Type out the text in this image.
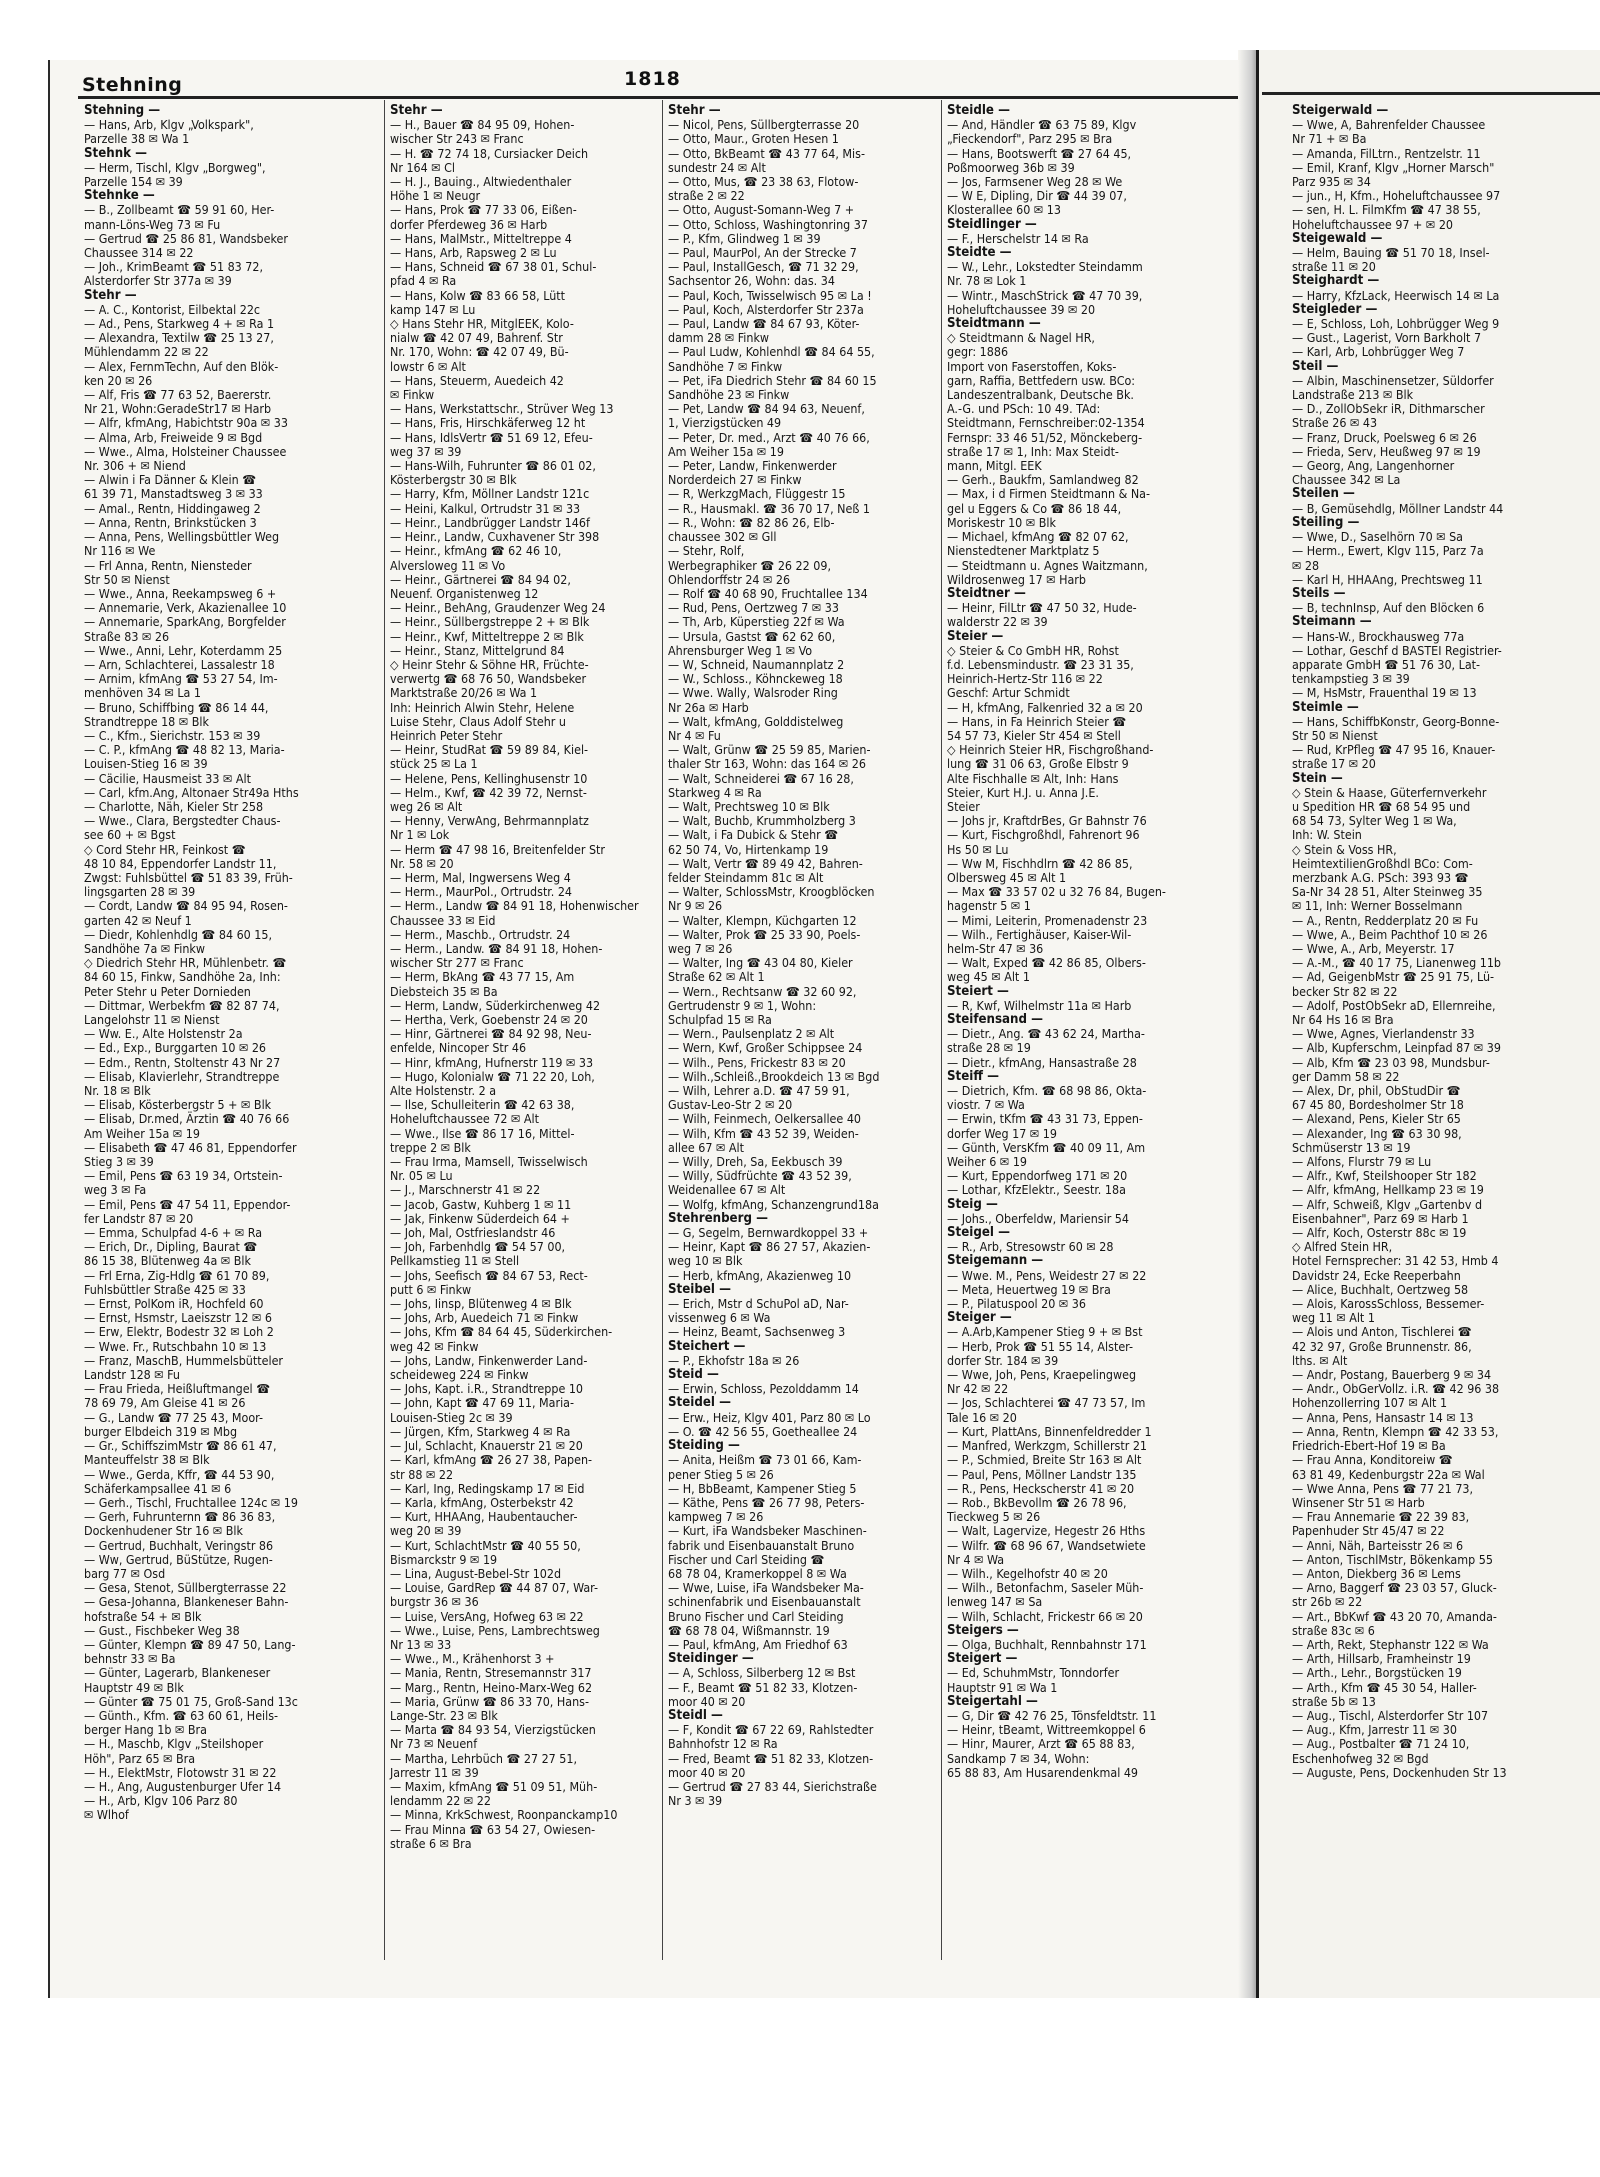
Stehning	1818

Stehning —

— Hans, Arb, Klgv „Volkspark",

Parzelle 38 ✉ Wa 1

Stehnk —

— Herm, Tischl, Klgv „Borgweg",

Parzelle 154 ✉ 39

Stehnke —

— B., Zollbeamt ☎ 59 91 60, Her-

mann-Löns-Weg 73 ✉ Fu

— Gertrud ☎ 25 86 81, Wandsbeker

Chaussee 314 ✉ 22

— Joh., KrimBeamt ☎ 51 83 72,

Alsterdorfer Str 377a ✉ 39

Stehr —

— A. C., Kontorist, Eilbektal 22c

— Ad., Pens, Starkweg 4 + ✉ Ra 1

— Alexandra, Textilw ☎ 25 13 27,

Mühlendamm 22 ✉ 22

— Alex, FernmTechn, Auf den Blök-

ken 20 ✉ 26

— Alf, Fris ☎ 77 63 52, Baererstr.

Nr 21, Wohn:GeradeStr17 ✉ Harb

— Alfr, kfmAng, Habichtstr 90a ✉ 33

— Alma, Arb, Freiweide 9 ✉ Bgd

— Wwe., Alma, Holsteiner Chaussee

Nr. 306 + ✉ Niend

— Alwin i Fa Dänner & Klein ☎

61 39 71, Manstadtsweg 3 ✉ 33

— Amal., Rentn, Hiddingaweg 2

— Anna, Rentn, Brinkstücken 3

— Anna, Pens, Wellingsbüttler Weg

Nr 116 ✉ We

— Frl Anna, Rentn, Niensteder

Str 50 ✉ Nienst

— Wwe., Anna, Reekampsweg 6 +

— Annemarie, Verk, Akazienallee 10

— Annemarie, SparkAng, Borgfelder

Straße 83 ✉ 26

— Wwe., Anni, Lehr, Koterdamm 25

— Arn, Schlachterei, Lassalestr 18

— Arnim, kfmAng ☎ 53 27 54, Im-

menhöven 34 ✉ La 1

— Bruno, Schiffbing ☎ 86 14 44,

Strandtreppe 18 ✉ Blk

— C., Kfm., Sierichstr. 153 ✉ 39

— C. P., kfmAng ☎ 48 82 13, Maria-

Louisen-Stieg 16 ✉ 39

— Cäcilie, Hausmeist 33 ✉ Alt

— Carl, kfm.Ang, Altonaer Str49a Hths

— Charlotte, Näh, Kieler Str 258

— Wwe., Clara, Bergstedter Chaus-

see 60 + ✉ Bgst

◇ Cord Stehr HR, Feinkost ☎

48 10 84, Eppendorfer Landstr 11,

Zwgst: Fuhlsbüttel ☎ 51 83 39, Früh-

lingsgarten 28 ✉ 39

— Cordt, Landw ☎ 84 95 94, Rosen-

garten 42 ✉ Neuf 1

— Diedr, Kohlenhdlg ☎ 84 60 15,

Sandhöhe 7a ✉ Finkw

◇ Diedrich Stehr HR, Mühlenbetr. ☎

84 60 15, Finkw, Sandhöhe 2a, Inh:

Peter Stehr u Peter Dornieden

— Dittmar, Werbekfm ☎ 82 87 74,

Langelohstr 11 ✉ Nienst

— Ww. E., Alte Holstenstr 2a

— Ed., Exp., Burggarten 10 ✉ 26

— Edm., Rentn, Stoltenstr 43 Nr 27

— Elisab, Klavierlehr, Strandtreppe

Nr. 18 ✉ Blk

— Elisab, Kösterbergstr 5 + ✉ Blk

— Elisab, Dr.med, Ärztin ☎ 40 76 66

Am Weiher 15a ✉ 19

— Elisabeth ☎ 47 46 81, Eppendorfer

Stieg 3 ✉ 39

— Emil, Pens ☎ 63 19 34, Ortstein-

weg 3 ✉ Fa

— Emil, Pens ☎ 47 54 11, Eppendor-

fer Landstr 87 ✉ 20

— Emma, Schulpfad 4-6 + ✉ Ra

— Erich, Dr., Dipling, Baurat ☎

86 15 38, Blütenweg 4a ✉ Blk

— Frl Erna, Zig-Hdlg ☎ 61 70 89,

Fuhlsbüttler Straße 425 ✉ 33

— Ernst, PolKom iR, Hochfeld 60

— Ernst, Hsmstr, Laeiszstr 12 ✉ 6

— Erw, Elektr, Bodestr 32 ✉ Loh 2

— Wwe. Fr., Rutschbahn 10 ✉ 13

— Franz, MaschB, Hummelsbütteler

Landstr 128 ✉ Fu

— Frau Frieda, Heißluftmangel ☎

78 69 79, Am Gleise 41 ✉ 26

— G., Landw ☎ 77 25 43, Moor-

burger Elbdeich 319 ✉ Mbg

— Gr., SchiffszimMstr ☎ 86 61 47,

Manteuffelstr 38 ✉ Blk

— Wwe., Gerda, Kffr, ☎ 44 53 90,

Schäferkampsallee 41 ✉ 6

— Gerh., Tischl, Fruchtallee 124c ✉ 19

— Gerh, Fuhrunternn ☎ 86 36 83,

Dockenhudener Str 16 ✉ Blk

— Gertrud, Buchhalt, Veringstr 86

— Ww, Gertrud, BüStütze, Rugen-

barg 77 ✉ Osd

— Gesa, Stenot, Süllbergterrasse 22

— Gesa-Johanna, Blankeneser Bahn-

hofstraße 54 + ✉ Blk

— Gust., Fischbeker Weg 38

— Günter, Klempn ☎ 89 47 50, Lang-

behnstr 33 ✉ Ba

— Günter, Lagerarb, Blankeneser

Hauptstr 49 ✉ Blk

— Günter ☎ 75 01 75, Groß-Sand 13c

— Günth., Kfm. ☎ 63 60 61, Heils-

berger Hang 1b ✉ Bra

— H., Maschb, Klgv „Steilshoper

Höh", Parz 65 ✉ Bra

— H., ElektMstr, Flotowstr 31 ✉ 22

— H., Ang, Augustenburger Ufer 14

— H., Arb, Klgv 106 Parz 80

✉ Wlhof

Stehr —

— H., Bauer ☎ 84 95 09, Hohen-

wischer Str 243 ✉ Franc

— H. ☎ 72 74 18, Cursiacker Deich

Nr 164 ✉ Cl

— H. J., Bauing., Altwiedenthaler

Höhe 1 ✉ Neugr

— Hans, Prok ☎ 77 33 06, Eißen-

dorfer Pferdeweg 36 ✉ Harb

— Hans, MalMstr., Mitteltreppe 4

— Hans, Arb, Rapsweg 2 ✉ Lu

— Hans, Schneid ☎ 67 38 01, Schul-

pfad 4 ✉ Ra

— Hans, Kolw ☎ 83 66 58, Lütt

kamp 147 ✉ Lu

◇ Hans Stehr HR, MitglEEK, Kolo-

nialw ☎ 42 07 49, Bahrenf. Str

Nr. 170, Wohn: ☎ 42 07 49, Bü-

lowstr 6 ✉ Alt

— Hans, Steuerm, Auedeich 42

✉ Finkw

— Hans, Werkstattschr., Strüver Weg 13

— Hans, Fris, Hirschkäferweg 12 ht

— Hans, IdlsVertr ☎ 51 69 12, Efeu-

weg 37 ✉ 39

— Hans-Wilh, Fuhrunter ☎ 86 01 02,

Kösterbergstr 30 ✉ Blk

— Harry, Kfm, Möllner Landstr 121c

— Heini, Kalkul, Ortrudstr 31 ✉ 33

— Heinr., Landbrügger Landstr 146f

— Heinr., Landw, Cuxhavener Str 398

— Heinr., kfmAng ☎ 62 46 10,

Alversloweg 11 ✉ Vo

— Heinr., Gärtnerei ☎ 84 94 02,

Neuenf. Organistenweg 12

— Heinr., BehAng, Graudenzer Weg 24

— Heinr., Süllbergstreppe 2 + ✉ Blk

— Heinr., Kwf, Mitteltreppe 2 ✉ Blk

— Heinr., Stanz, Mittelgrund 84

◇ Heinr Stehr & Söhne HR, Früchte-

verwertg ☎ 68 76 50, Wandsbeker

Marktstraße 20/26 ✉ Wa 1

Inh: Heinrich Alwin Stehr, Helene

Luise Stehr, Claus Adolf Stehr u

Heinrich Peter Stehr

— Heinr, StudRat ☎ 59 89 84, Kiel-

stück 25 ✉ La 1

— Helene, Pens, Kellinghusenstr 10

— Helm., Kwf, ☎ 42 39 72, Nernst-

weg 26 ✉ Alt

— Henny, VerwAng, Behrmannplatz

Nr 1 ✉ Lok

— Herm ☎ 47 98 16, Breitenfelder Str

Nr. 58 ✉ 20

— Herm, Mal, Ingwersens Weg 4

— Herm., MaurPol., Ortrudstr. 24

— Herm., Landw ☎ 84 91 18, Hohenwischer

Chaussee 33 ✉ Eid

— Herm., Maschb., Ortrudstr. 24

— Herm., Landw. ☎ 84 91 18, Hohen-

wischer Str 277 ✉ Franc

— Herm, BkAng ☎ 43 77 15, Am

Diebsteich 35 ✉ Ba

— Herm, Landw, Süderkirchenweg 42

— Hertha, Verk, Goebenstr 24 ✉ 20

— Hinr, Gärtnerei ☎ 84 92 98, Neu-

enfelde, Nincoper Str 46

— Hinr, kfmAng, Hufnerstr 119 ✉ 33

— Hugo, Kolonialw ☎ 71 22 20, Loh,

Alte Holstenstr. 2 a

— Ilse, Schulleiterin ☎ 42 63 38,

Hoheluftchaussee 72 ✉ Alt

— Wwe., Ilse ☎ 86 17 16, Mittel-

treppe 2 ✉ Blk

— Frau Irma, Mamsell, Twisselwisch

Nr. 05 ✉ Lu

— J., Marschnerstr 41 ✉ 22

— Jacob, Gastw, Kuhberg 1 ✉ 11

— Jak, Finkenw Süderdeich 64 +

— Joh, Mal, Ostfrieslandstr 46

— Joh, Farbenhdlg ☎ 54 57 00,

Pellkamstieg 11 ✉ Stell

— Johs, Seefisch ☎ 84 67 53, Rect-

putt 6 ✉ Finkw

— Johs, Iinsp, Blütenweg 4 ✉ Blk

— Johs, Arb, Auedeich 71 ✉ Finkw

— Johs, Kfm ☎ 84 64 45, Süderkirchen-

weg 42 ✉ Finkw

— Johs, Landw, Finkenwerder Land-

scheideweg 224 ✉ Finkw

— Johs, Kapt. i.R., Strandtreppe 10

— John, Kapt ☎ 47 69 11, Maria-

Louisen-Stieg 2c ✉ 39

— Jürgen, Kfm, Starkweg 4 ✉ Ra

— Jul, Schlacht, Knauerstr 21 ✉ 20

— Karl, kfmAng ☎ 26 27 38, Papen-

str 88 ✉ 22

— Karl, Ing, Redingskamp 17 ✉ Eid

— Karla, kfmAng, Osterbekstr 42

— Kurt, HHAAng, Haubentaucher-

weg 20 ✉ 39

— Kurt, SchlachtMstr ☎ 40 55 50,

Bismarckstr 9 ✉ 19

— Lina, August-Bebel-Str 102d

— Louise, GardRep ☎ 44 87 07, War-

burgstr 36 ✉ 36

— Luise, VersAng, Hofweg 63 ✉ 22

— Wwe., Luise, Pens, Lambrechtsweg

Nr 13 ✉ 33

— Wwe., M., Krähenhorst 3 +

— Mania, Rentn, Stresemannstr 317

— Marg., Rentn, Heino-Marx-Weg 62

— Maria, Grünw ☎ 86 33 70, Hans-

Lange-Str. 23 ✉ Blk

— Marta ☎ 84 93 54, Vierzigstücken

Nr 73 ✉ Neuenf

— Martha, Lehrbüch ☎ 27 27 51,

Jarrestr 11 ✉ 39

— Maxim, kfmAng ☎ 51 09 51, Müh-

lendamm 22 ✉ 22

— Minna, KrkSchwest, Roonpanckamp10

— Frau Minna ☎ 63 54 27, Owiesen-

straße 6 ✉ Bra

Stehr —

— Nicol, Pens, Süllbergterrasse 20

— Otto, Maur., Groten Hesen 1

— Otto, BkBeamt ☎ 43 77 64, Mis-

sundestr 24 ✉ Alt

— Otto, Mus, ☎ 23 38 63, Flotow-

straße 2 ✉ 22

— Otto, August-Somann-Weg 7 +

— Otto, Schloss, Washingtonring 37

— P., Kfm, Glindweg 1 ✉ 39

— Paul, MaurPol, An der Strecke 7

— Paul, InstallGesch, ☎ 71 32 29,

Sachsentor 26, Wohn: das. 34

— Paul, Koch, Twisselwisch 95 ✉ La !

— Paul, Koch, Alsterdorfer Str 237a

— Paul, Landw ☎ 84 67 93, Köter-

damm 28 ✉ Finkw

— Paul Ludw, Kohlenhdl ☎ 84 64 55,

Sandhöhe 7 ✉ Finkw

— Pet, iFa Diedrich Stehr ☎ 84 60 15

Sandhöhe 23 ✉ Finkw

— Pet, Landw ☎ 84 94 63, Neuenf,

1, Vierzigstücken 49

— Peter, Dr. med., Arzt ☎ 40 76 66,

Am Weiher 15a ✉ 19

— Peter, Landw, Finkenwerder

Norderdeich 27 ✉ Finkw

— R, WerkzgMach, Flüggestr 15

— R., Hausmakl. ☎ 36 70 17, Neß 1

— R., Wohn: ☎ 82 86 26, Elb-

chaussee 302 ✉ Gll

— Stehr, Rolf,

Werbegraphiker ☎ 26 22 09,

Ohlendorffstr 24 ✉ 26

— Rolf ☎ 40 68 90, Fruchtallee 134

— Rud, Pens, Oertzweg 7 ✉ 33

— Th, Arb, Küperstieg 22f ✉ Wa

— Ursula, Gastst ☎ 62 62 60,

Ahrensburger Weg 1 ✉ Vo

— W, Schneid, Naumannplatz 2

— W., Schloss., Köhnckeweg 18

— Wwe. Wally, Walsroder Ring

Nr 26a ✉ Harb

— Walt, kfmAng, Golddistelweg

Nr 4 ✉ Fu

— Walt, Grünw ☎ 25 59 85, Marien-

thaler Str 163, Wohn: das 164 ✉ 26

— Walt, Schneiderei ☎ 67 16 28,

Starkweg 4 ✉ Ra

— Walt, Prechtsweg 10 ✉ Blk

— Walt, Buchb, Krummholzberg 3

— Walt, i Fa Dubick & Stehr ☎

62 50 74, Vo, Hirtenkamp 19

— Walt, Vertr ☎ 89 49 42, Bahren-

felder Steindamm 81c ✉ Alt

— Walter, SchlossMstr, Kroogblöcken

Nr 9 ✉ 26

— Walter, Klempn, Küchgarten 12

— Walter, Prok ☎ 25 33 90, Poels-

weg 7 ✉ 26

— Walter, Ing ☎ 43 04 80, Kieler

Straße 62 ✉ Alt 1

— Wern., Rechtsanw ☎ 32 60 92,

Gertrudenstr 9 ✉ 1, Wohn:

Schulpfad 15 ✉ Ra

— Wern., Paulsenplatz 2 ✉ Alt

— Wern, Kwf, Großer Schippsee 24

— Wilh., Pens, Frickestr 83 ✉ 20

— Wilh.,Schleiß.,Brookdeich 13 ✉ Bgd

— Wilh, Lehrer a.D. ☎ 47 59 91,

Gustav-Leo-Str 2 ✉ 20

— Wilh, Feinmech, Oelkersallee 40

— Wilh, Kfm ☎ 43 52 39, Weiden-

allee 67 ✉ Alt

— Willy, Dreh, Sa, Eekbusch 39

— Willy, Südfrüchte ☎ 43 52 39,

Weidenallee 67 ✉ Alt

— Wolfg, kfmAng, Schanzengrund18a

Stehrenberg —

— G, Segelm, Bernwardkoppel 33 +

— Heinr, Kapt ☎ 86 27 57, Akazien-

weg 10 ✉ Blk

— Herb, kfmAng, Akazienweg 10

Steibel —

— Erich, Mstr d SchuPol aD, Nar-

vissenweg 6 ✉ Wa

— Heinz, Beamt, Sachsenweg 3

Steichert —

— P., Ekhofstr 18a ✉ 26

Steid —

— Erwin, Schloss, Pezolddamm 14

Steidel —

— Erw., Heiz, Klgv 401, Parz 80 ✉ Lo

— O. ☎ 42 56 55, Goetheallee 24

Steiding —

— Anita, Heißm ☎ 73 01 66, Kam-

pener Stieg 5 ✉ 26

— H, BbBeamt, Kampener Stieg 5

— Käthe, Pens ☎ 26 77 98, Peters-

kampweg 7 ✉ 26

— Kurt, iFa Wandsbeker Maschinen-

fabrik und Eisenbauanstalt Bruno

Fischer und Carl Steiding ☎

68 78 04, Kramerkoppel 8 ✉ Wa

— Wwe, Luise, iFa Wandsbeker Ma-

schinenfabrik und Eisenbauanstalt

Bruno Fischer und Carl Steiding

☎ 68 78 04, Wißmannstr. 19

— Paul, kfmAng, Am Friedhof 63

Steidinger —

— A, Schloss, Silberberg 12 ✉ Bst

— F., Beamt ☎ 51 82 33, Klotzen-

moor 40 ✉ 20

Steidl —

— F, Kondit ☎ 67 22 69, Rahlstedter

Bahnhofstr 12 ✉ Ra

— Fred, Beamt ☎ 51 82 33, Klotzen-

moor 40 ✉ 20

— Gertrud ☎ 27 83 44, Sierichstraße

Nr 3 ✉ 39

Steidle —

— And, Händler ☎ 63 75 89, Klgv

„Fieckendorf", Parz 295 ✉ Bra

— Hans, Bootswerft ☎ 27 64 45,

Poßmoorweg 36b ✉ 39

— Jos, Farmsener Weg 28 ✉ We

— W E, Dipling, Dir ☎ 44 39 07,

Klosterallee 60 ✉ 13

Steidlinger —

— F., Herschelstr 14 ✉ Ra

Steidte —

— W., Lehr., Lokstedter Steindamm

Nr. 78 ✉ Lok 1

— Wintr., MaschStrick ☎ 47 70 39,

Hoheluftchaussee 39 ✉ 20

Steidtmann —

◇ Steidtmann & Nagel HR,

gegr: 1886

Import von Faserstoffen, Koks-

garn, Raffia, Bettfedern usw. BCo:

Landeszentralbank, Deutsche Bk.

A.-G. und PSch: 10 49. TAd:

Steidtmann, Fernschreiber:02-1354

Fernspr: 33 46 51/52, Mönckeberg-

straße 17 ✉ 1, Inh: Max Steidt-

mann, Mitgl. EEK

— Gerh., Baukfm, Samlandweg 82

— Max, i d Firmen Steidtmann & Na-

gel u Eggers & Co ☎ 86 18 44,

Moriskestr 10 ✉ Blk

— Michael, kfmAng ☎ 82 07 62,

Nienstedtener Marktplatz 5

— Steidtmann u. Agnes Waitzmann,

Wildrosenweg 17 ✉ Harb

Steidtner —

— Heinr, FilLtr ☎ 47 50 32, Hude-

walderstr 22 ✉ 39

Steier —

◇ Steier & Co GmbH HR, Rohst

f.d. Lebensmindustr. ☎ 23 31 35,

Heinrich-Hertz-Str 116 ✉ 22

Geschf: Artur Schmidt

— H, kfmAng, Falkenried 32 a ✉ 20

— Hans, in Fa Heinrich Steier ☎

54 57 73, Kieler Str 454 ✉ Stell

◇ Heinrich Steier HR, Fischgroßhand-

lung ☎ 31 06 63, Große Elbstr 9

Alte Fischhalle ✉ Alt, Inh: Hans

Steier, Kurt H.J. u. Anna J.E.

Steier

— Johs jr, KraftdrBes, Gr Bahnstr 76

— Kurt, Fischgroßhdl, Fahrenort 96

Hs 50 ✉ Lu

— Ww M, Fischhdlrn ☎ 42 86 85,

Olbersweg 45 ✉ Alt 1

— Max ☎ 33 57 02 u 32 76 84, Bugen-

hagenstr 5 ✉ 1

— Mimi, Leiterin, Promenadenstr 23

— Wilh., Fertighäuser, Kaiser-Wil-

helm-Str 47 ✉ 36

— Walt, Exped ☎ 42 86 85, Olbers-

weg 45 ✉ Alt 1

Steiert —

— R, Kwf, Wilhelmstr 11a ✉ Harb

Steifensand —

— Dietr., Ang. ☎ 43 62 24, Martha-

straße 28 ✉ 19

— Dietr., kfmAng, Hansastraße 28

Steiff —

— Dietrich, Kfm. ☎ 68 98 86, Okta-

viostr. 7 ✉ Wa

— Erwin, tKfm ☎ 43 31 73, Eppen-

dorfer Weg 17 ✉ 19

— Günth, VersKfm ☎ 40 09 11, Am

Weiher 6 ✉ 19

— Kurt, Eppendorfweg 171 ✉ 20

— Lothar, KfzElektr., Seestr. 18a

Steig —

— Johs., Oberfeldw, Mariensir 54

Steigel —

— R., Arb, Stresowstr 60 ✉ 28

Steigemann —

— Wwe. M., Pens, Weidestr 27 ✉ 22

— Meta, Heuertweg 19 ✉ Bra

— P., Pilatuspool 20 ✉ 36

Steiger —

— A.Arb,Kampener Stieg 9 + ✉ Bst

— Herb, Prok ☎ 51 55 14, Alster-

dorfer Str. 184 ✉ 39

— Wwe, Joh, Pens, Kraepelingweg

Nr 42 ✉ 22

— Jos, Schlachterei ☎ 47 73 57, Im

Tale 16 ✉ 20

— Kurt, PlattAns, Binnenfeldredder 1

— Manfred, Werkzgm, Schillerstr 21

— P., Schmied, Breite Str 163 ✉ Alt

— Paul, Pens, Möllner Landstr 135

— R., Pens, Heckscherstr 41 ✉ 20

— Rob., BkBevollm ☎ 26 78 96,

Tieckweg 5 ✉ 26

— Walt, Lagervize, Hegestr 26 Hths

— Wilfr. ☎ 68 96 67, Wandsetwiete

Nr 4 ✉ Wa

— Wilh., Kegelhofstr 40 ✉ 20

— Wilh., Betonfachm, Saseler Müh-

lenweg 147 ✉ Sa

— Wilh, Schlacht, Frickestr 66 ✉ 20

Steigers —

— Olga, Buchhalt, Rennbahnstr 171

Steigert —

— Ed, SchuhmMstr, Tonndorfer

Hauptstr 91 ✉ Wa 1

Steigertahl —

— G, Dir ☎ 42 76 25, Tönsfeldtstr. 11

— Heinr, tBeamt, Wittreemkoppel 6

— Hinr, Maurer, Arzt ☎ 65 88 83,

Sandkamp 7 ✉ 34, Wohn:

65 88 83, Am Husarendenkmal 49

Steigerwald —

— Wwe, A, Bahrenfelder Chaussee

Nr 71 + ✉ Ba

— Amanda, FilLtrn., Rentzelstr. 11

— Emil, Kranf, Klgv „Horner Marsch"

Parz 935 ✉ 34

— jun., H, Kfm., Hoheluftchaussee 97

— sen, H. L. FilmKfm ☎ 47 38 55,

Hoheluftchaussee 97 + ✉ 20

Steigewald —

— Helm, Bauing ☎ 51 70 18, Insel-

straße 11 ✉ 20

Steighardt —

— Harry, KfzLack, Heerwisch 14 ✉ La

Steigleder —

— E, Schloss, Loh, Lohbrügger Weg 9

— Gust., Lagerist, Vorn Barkholt 7

— Karl, Arb, Lohbrügger Weg 7

Steil —

— Albin, Maschinensetzer, Süldorfer

Landstraße 213 ✉ Blk

— D., ZollObSekr iR, Dithmarscher

Straße 26 ✉ 43

— Franz, Druck, Poelsweg 6 ✉ 26

— Frieda, Serv, Heußweg 97 ✉ 19

— Georg, Ang, Langenhorner

Chaussee 342 ✉ La

Steilen —

— B, Gemüsehdlg, Möllner Landstr 44

Steiling —

— Wwe, D., Saselhörn 70 ✉ Sa

— Herm., Ewert, Klgv 115, Parz 7a

✉ 28

— Karl H, HHAAng, Prechtsweg 11

Steils —

— B, technInsp, Auf den Blöcken 6

Steimann —

— Hans-W., Brockhausweg 77a

— Lothar, Geschf d BASTEI Registrier-

apparate GmbH ☎ 51 76 30, Lat-

tenkampstieg 3 ✉ 39

— M, HsMstr, Frauenthal 19 ✉ 13

Steimle —

— Hans, SchiffbKonstr, Georg-Bonne-

Str 50 ✉ Nienst

— Rud, KrPfleg ☎ 47 95 16, Knauer-

straße 17 ✉ 20

Stein —

◇ Stein & Haase, Güterfernverkehr

u Spedition HR ☎ 68 54 95 und

68 54 73, Sylter Weg 1 ✉ Wa,

Inh: W. Stein

◇ Stein & Voss HR,

HeimtextilienGroßhdl BCo: Com-

merzbank A.G. PSch: 393 93 ☎

Sa-Nr 34 28 51, Alter Steinweg 35

✉ 11, Inh: Werner Bosselmann

— A., Rentn, Redderplatz 20 ✉ Fu

— Wwe, A., Beim Pachthof 10 ✉ 26

— Wwe, A., Arb, Meyerstr. 17

— A.-M., ☎ 40 17 75, Lianenweg 11b

— Ad, GeigenbMstr ☎ 25 91 75, Lü-

becker Str 82 ✉ 22

— Adolf, PostObSekr aD, Ellernreihe,

Nr 64 Hs 16 ✉ Bra

— Wwe, Agnes, Vierlandenstr 33

— Alb, Kupferschm, Leinpfad 87 ✉ 39

— Alb, Kfm ☎ 23 03 98, Mundsbur-

ger Damm 58 ✉ 22

— Alex, Dr, phil, ObStudDir ☎

67 45 80, Bordesholmer Str 18

— Alexand, Pens, Kieler Str 65

— Alexander, Ing ☎ 63 30 98,

Schmüserstr 13 ✉ 19

— Alfons, Flurstr 79 ✉ Lu

— Alfr., Kwf, Steilshooper Str 182

— Alfr, kfmAng, Hellkamp 23 ✉ 19

— Alfr, Schweiß, Klgv „Gartenbv d

Eisenbahner", Parz 69 ✉ Harb 1

— Alfr, Koch, Osterstr 88c ✉ 19

◇ Alfred Stein HR,

Hotel Fernsprecher: 31 42 53, Hmb 4

Davidstr 24, Ecke Reeperbahn

— Alice, Buchhalt, Oertzweg 58

— Alois, KarossSchloss, Bessemer-

weg 11 ✉ Alt 1

— Alois und Anton, Tischlerei ☎

42 32 97, Große Brunnenstr. 86,

lths. ✉ Alt

— Andr, Postang, Bauerberg 9 ✉ 34

— Andr., ObGerVollz. i.R. ☎ 42 96 38

Hohenzollerring 107 ✉ Alt 1

— Anna, Pens, Hansastr 14 ✉ 13

— Anna, Rentn, Klempn ☎ 42 33 53,

Friedrich-Ebert-Hof 19 ✉ Ba

— Frau Anna, Konditoreiw ☎

63 81 49, Kedenburgstr 22a ✉ Wal

— Wwe Anna, Pens ☎ 77 21 73,

Winsener Str 51 ✉ Harb

— Frau Annemarie ☎ 22 39 83,

Papenhuder Str 45/47 ✉ 22

— Anni, Näh, Barteisstr 26 ✉ 6

— Anton, TischlMstr, Bökenkamp 55

— Anton, Diekberg 36 ✉ Lems

— Arno, Baggerf ☎ 23 03 57, Gluck-

str 26b ✉ 22

— Art., BbKwf ☎ 43 20 70, Amanda-

straße 83c ✉ 6

— Arth, Rekt, Stephanstr 122 ✉ Wa

— Arth, Hillsarb, Framheinstr 19

— Arth., Lehr., Borgstücken 19

— Arth., Kfm ☎ 45 30 54, Haller-

straße 5b ✉ 13

— Aug., Tischl, Alsterdorfer Str 107

— Aug., Kfm, Jarrestr 11 ✉ 30

— Aug., Postbalter ☎ 71 24 10,

Eschenhofweg 32 ✉ Bgd

— Auguste, Pens, Dockenhuden Str 13
